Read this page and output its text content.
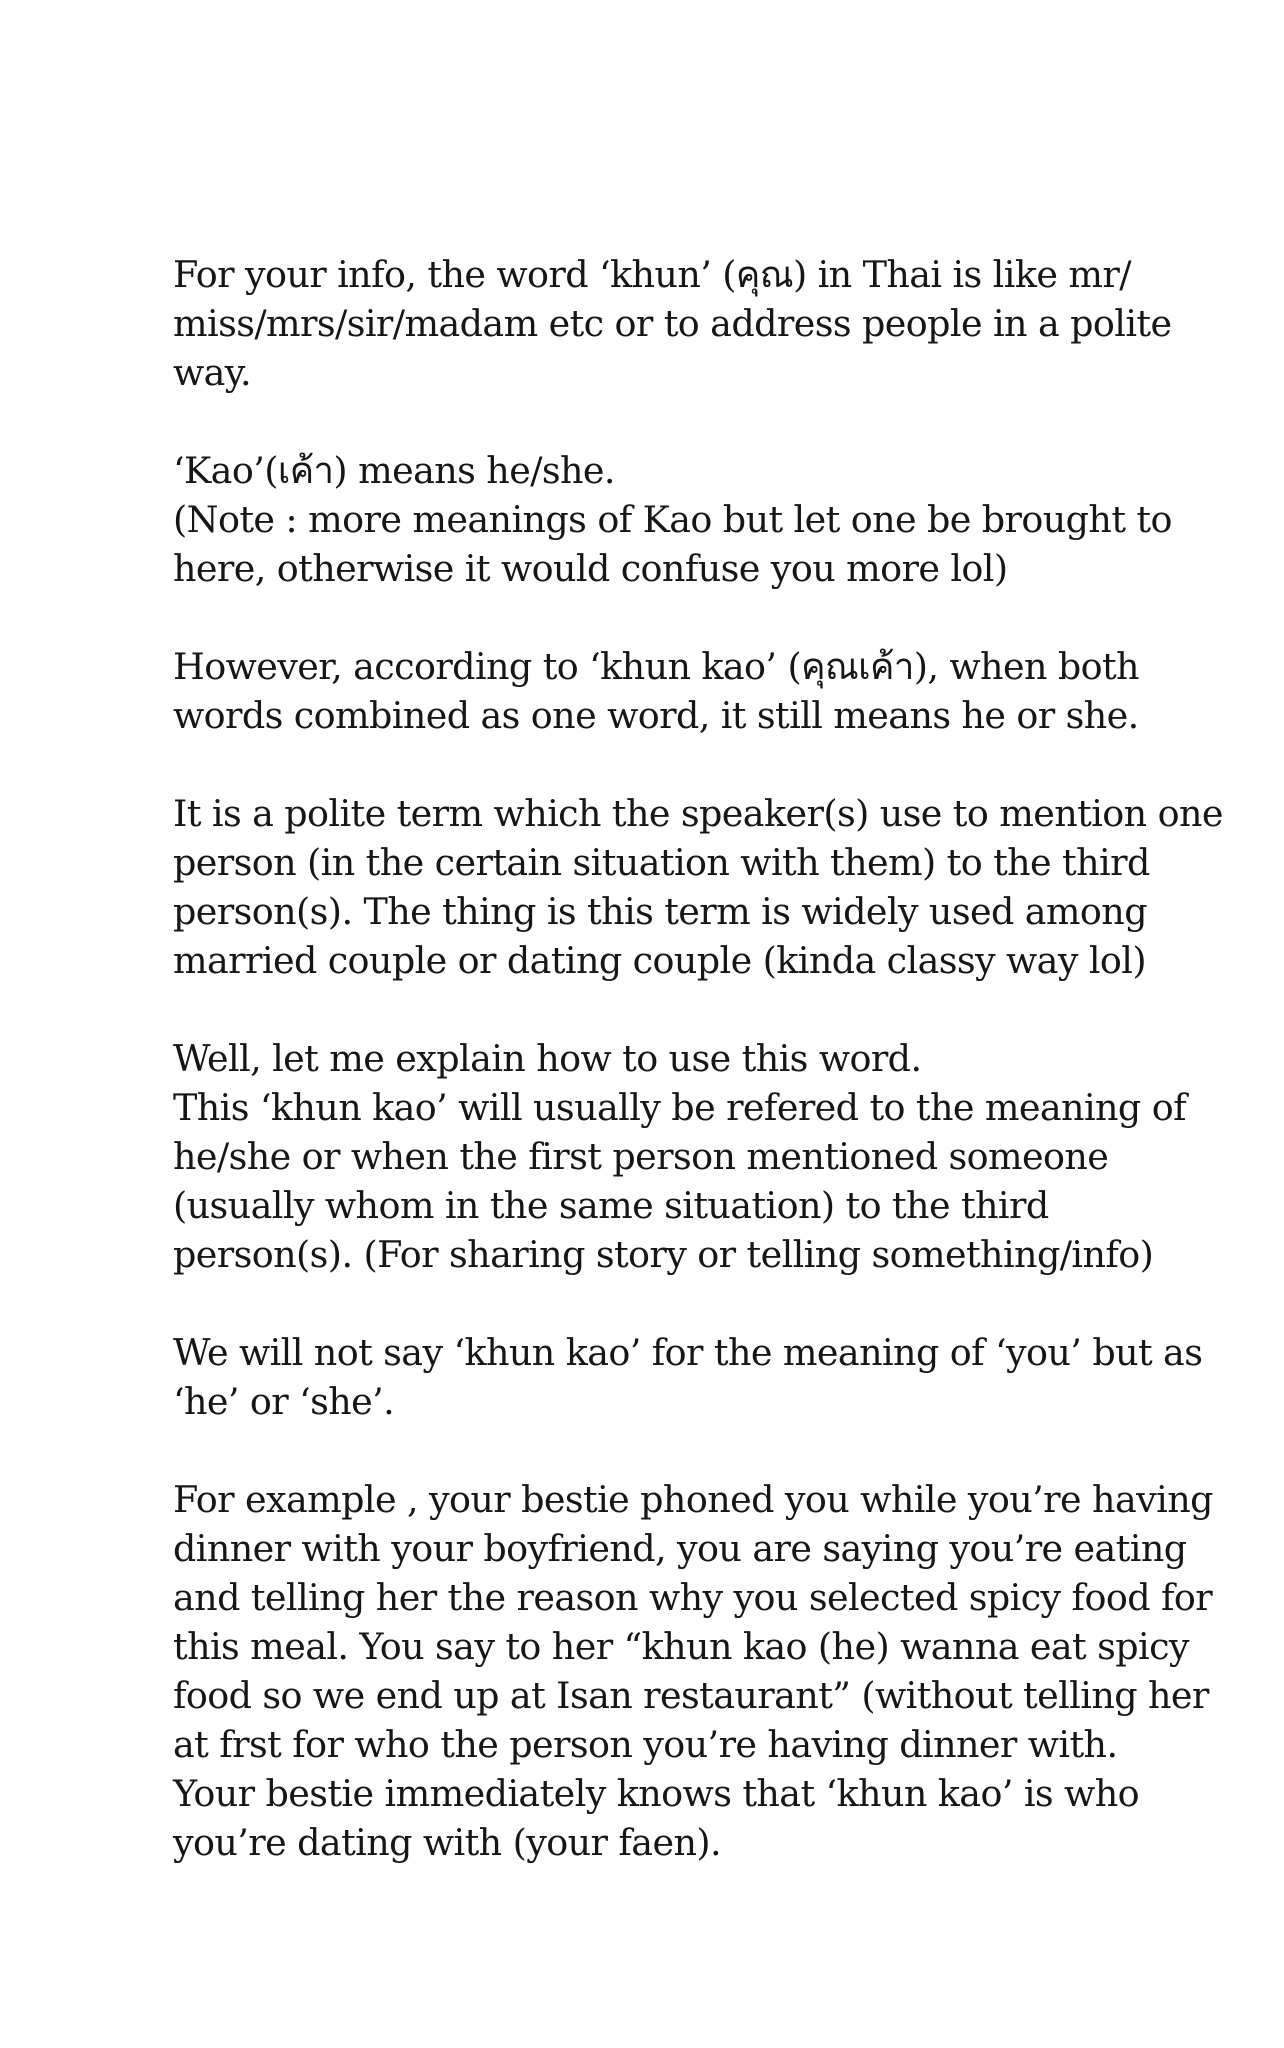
For your info, the word ‘khun’ (คุณ) in Thai is like mr/
miss/mrs/sir/madam etc or to address people in a polite
way.

‘Kao’(เค้า) means he/she.
(Note : more meanings of Kao but let one be brought to
here, otherwise it would confuse you more lol)

However, according to ‘khun kao’ (คุณเค้า), when both
words combined as one word, it still means he or she.

It is a polite term which the speaker(s) use to mention one
person (in the certain situation with them) to the third
person(s). The thing is this term is widely used among
married couple or dating couple (kinda classy way lol)

Well, let me explain how to use this word.
This ‘khun kao’ will usually be refered to the meaning of
he/she or when the first person mentioned someone
(usually whom in the same situation) to the third
person(s). (For sharing story or telling something/info)

We will not say ‘khun kao’ for the meaning of ‘you’ but as
‘he’ or ‘she’.

For example , your bestie phoned you while you’re having
dinner with your boyfriend, you are saying you’re eating
and telling her the reason why you selected spicy food for
this meal. You say to her “khun kao (he) wanna eat spicy
food so we end up at Isan restaurant” (without telling her
at frst for who the person you’re having dinner with.
Your bestie immediately knows that ‘khun kao’ is who
you’re dating with (your faen).
